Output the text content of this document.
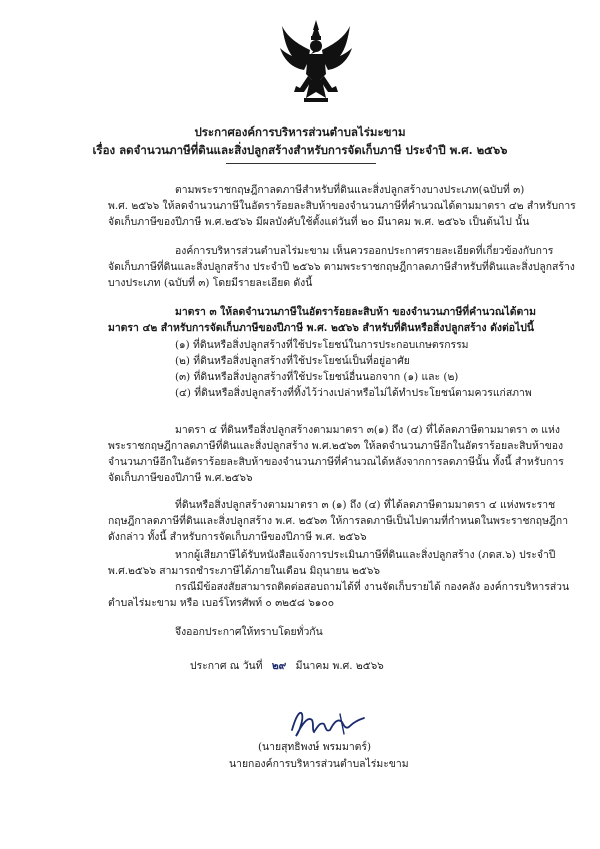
ประกาศองค์การบริหารส่วนตำบลไร่มะขาม
เรื่อง ลดจำนวนภาษีที่ดินและสิ่งปลูกสร้างสำหรับการจัดเก็บภาษี ประจำปี พ.ศ. ๒๕๖๖
ตามพระราชกฤษฎีกาลดภาษีสำหรับที่ดินและสิ่งปลูกสร้างบางประเภท(ฉบับที่ ๓)
พ.ศ. ๒๕๖๖ ให้ลดจำนวนภาษีในอัตราร้อยละสิบห้าของจำนวนภาษีที่คำนวณได้ตามมาตรา ๔๒ สำหรับการ
จัดเก็บภาษีของปีภาษี พ.ศ.๒๕๖๖ มีผลบังคับใช้ตั้งแต่วันที่ ๒๐ มีนาคม พ.ศ. ๒๕๖๖ เป็นต้นไป นั้น
องค์การบริหารส่วนตำบลไร่มะขาม เห็นควรออกประกาศรายละเอียดที่เกี่ยวข้องกับการ
จัดเก็บภาษีที่ดินและสิ่งปลูกสร้าง ประจำปี ๒๕๖๖ ตามพระราชกฤษฎีกาลดภาษีสำหรับที่ดินและสิ่งปลูกสร้าง
บางประเภท (ฉบับที่ ๓) โดยมีรายละเอียด ดังนี้
มาตรา ๓ ให้ลดจำนวนภาษีในอัตราร้อยละสิบห้า ของจำนวนภาษีที่คำนวณได้ตาม
มาตรา ๔๒ สำหรับการจัดเก็บภาษีของปีภาษี พ.ศ. ๒๕๖๖ สำหรับที่ดินหรือสิ่งปลูกสร้าง ดังต่อไปนี้
(๑) ที่ดินหรือสิ่งปลูกสร้างที่ใช้ประโยชน์ในการประกอบเกษตรกรรม
(๒) ที่ดินหรือสิ่งปลูกสร้างที่ใช้ประโยชน์เป็นที่อยู่อาศัย
(๓) ที่ดินหรือสิ่งปลูกสร้างที่ใช้ประโยชน์อื่นนอกจาก (๑) และ (๒)
(๔) ที่ดินหรือสิ่งปลูกสร้างที่ทิ้งไว้ว่างเปล่าหรือไม่ได้ทำประโยชน์ตามควรแก่สภาพ
มาตรา ๔ ที่ดินหรือสิ่งปลูกสร้างตามมาตรา ๓(๑) ถึง (๔) ที่ได้ลดภาษีตามมาตรา ๓ แห่ง
พระราชกฤษฎีกาลดภาษีที่ดินและสิ่งปลูกสร้าง พ.ศ.๒๕๖๓ ให้ลดจำนวนภาษีอีกในอัตราร้อยละสิบห้าของ
จำนวนภาษีอีกในอัตราร้อยละสิบห้าของจำนวนภาษีที่คำนวณได้หลังจากการลดภาษีนั้น ทั้งนี้ สำหรับการ
จัดเก็บภาษีของปีภาษี พ.ศ.๒๕๖๖
ที่ดินหรือสิ่งปลูกสร้างตามมาตรา ๓ (๑) ถึง (๔) ที่ได้ลดภาษีตามมาตรา ๔ แห่งพระราช
กฤษฎีกาลดภาษีที่ดินและสิ่งปลูกสร้าง พ.ศ. ๒๕๖๓ ให้การลดภาษีเป็นไปตามที่กำหนดในพระราชกฤษฎีกา
ดังกล่าว ทั้งนี้ สำหรับการจัดเก็บภาษีของปีภาษี พ.ศ. ๒๕๖๖
หากผู้เสียภาษีได้รับหนังสือแจ้งการประเมินภาษีที่ดินและสิ่งปลูกสร้าง (ภดส.๖) ประจำปี
พ.ศ.๒๕๖๖ สามารถชำระภาษีได้ภายในเดือน มิถุนายน ๒๕๖๖
กรณีมีข้อสงสัยสามารถติดต่อสอบถามได้ที่ งานจัดเก็บรายได้ กองคลัง องค์การบริหารส่วน
ตำบลไร่มะขาม หรือ เบอร์โทรศัพท์ ๐ ๓๒๕๘ ๖๑๐๐
จึงออกประกาศให้ทราบโดยทั่วกัน
ประกาศ ณ วันที่ ๒๙ มีนาคม พ.ศ. ๒๕๖๖
(นายสุทธิพงษ์ พรมมาตร์)
นายกองค์การบริหารส่วนตำบลไร่มะขาม
